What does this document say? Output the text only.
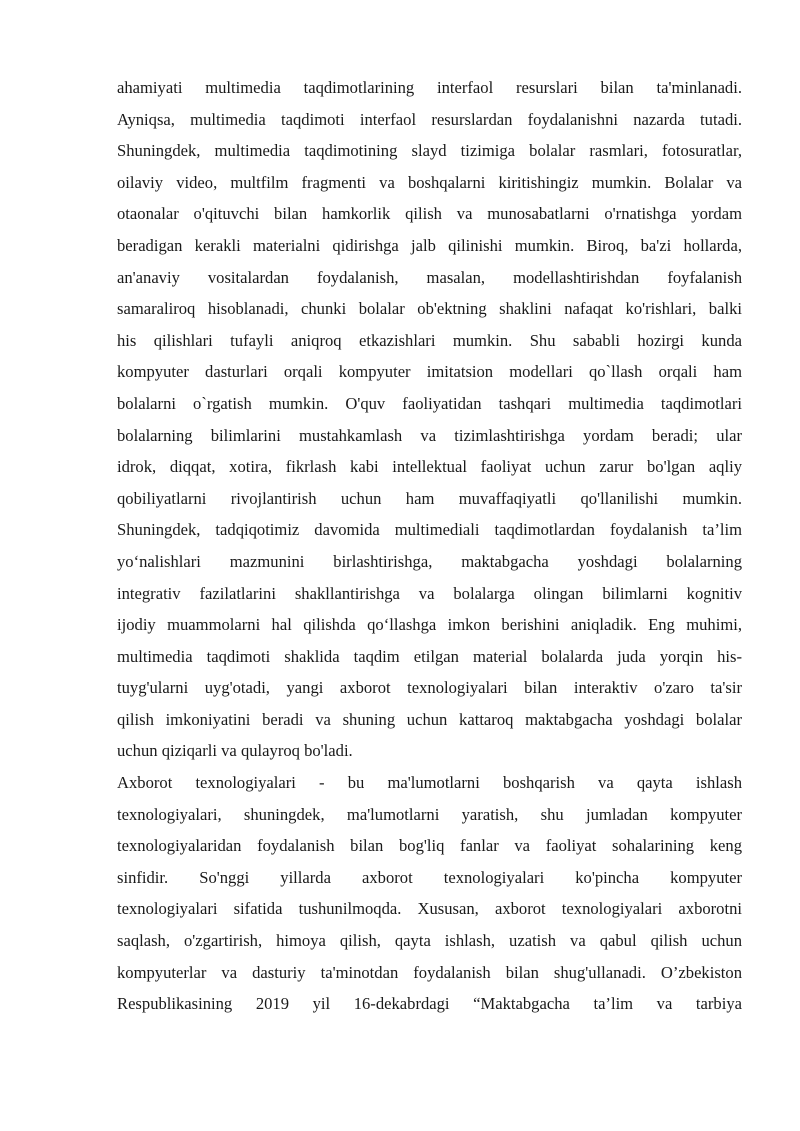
ahamiyati multimedia taqdimotlarining interfaol resurslari bilan ta'minlanadi.
Ayniqsa, multimedia taqdimoti interfaol resurslardan foydalanishni nazarda tutadi.
Shuningdek, multimedia taqdimotining slayd tizimiga bolalar rasmlari, fotosuratlar,
oilaviy video, multfilm fragmenti va boshqalarni kiritishingiz mumkin. Bolalar va
otaonalar o'qituvchi bilan hamkorlik qilish va munosabatlarni o'rnatishga yordam
beradigan kerakli materialni qidirishga jalb qilinishi mumkin. Biroq, ba'zi hollarda,
an'anaviy vositalardan foydalanish, masalan, modellashtirishdan foyfalanish
samaraliroq hisoblanadi, chunki bolalar ob'ektning shaklini nafaqat ko'rishlari, balki
his qilishlari tufayli aniqroq etkazishlari mumkin. Shu sababli hozirgi kunda
kompyuter dasturlari orqali kompyuter imitatsion modellari qo`llash orqali ham
bolalarni o`rgatish mumkin. O'quv faoliyatidan tashqari multimedia taqdimotlari
bolalarning bilimlarini mustahkamlash va tizimlashtirishga yordam beradi; ular
idrok, diqqat, xotira, fikrlash kabi intellektual faoliyat uchun zarur bo'lgan aqliy
qobiliyatlarni rivojlantirish uchun ham muvaffaqiyatli qo'llanilishi mumkin.
Shuningdek, tadqiqotimiz davomida multimediali taqdimotlardan foydalanish ta’lim
yo‘nalishlari mazmunini birlashtirishga, maktabgacha yoshdagi bolalarning
integrativ fazilatlarini shakllantirishga va bolalarga olingan bilimlarni kognitiv
ijodiy muammolarni hal qilishda qo‘llashga imkon berishini aniqladik. Eng muhimi,
multimedia taqdimoti shaklida taqdim etilgan material bolalarda juda yorqin his-
tuyg'ularni uyg'otadi, yangi axborot texnologiyalari bilan interaktiv o'zaro ta'sir
qilish imkoniyatini beradi va shuning uchun kattaroq maktabgacha yoshdagi bolalar
uchun qiziqarli va qulayroq bo'ladi.
Axborot texnologiyalari - bu ma'lumotlarni boshqarish va qayta ishlash
texnologiyalari, shuningdek, ma'lumotlarni yaratish, shu jumladan kompyuter
texnologiyalaridan foydalanish bilan bog'liq fanlar va faoliyat sohalarining keng
sinfidir. So'nggi yillarda axborot texnologiyalari ko'pincha kompyuter
texnologiyalari sifatida tushunilmoqda. Xususan, axborot texnologiyalari axborotni
saqlash, o'zgartirish, himoya qilish, qayta ishlash, uzatish va qabul qilish uchun
kompyuterlar va dasturiy ta'minotdan foydalanish bilan shug'ullanadi. O’zbekiston
Respublikasining 2019 yil 16-dekabrdagi “Maktabgacha ta’lim va tarbiya
